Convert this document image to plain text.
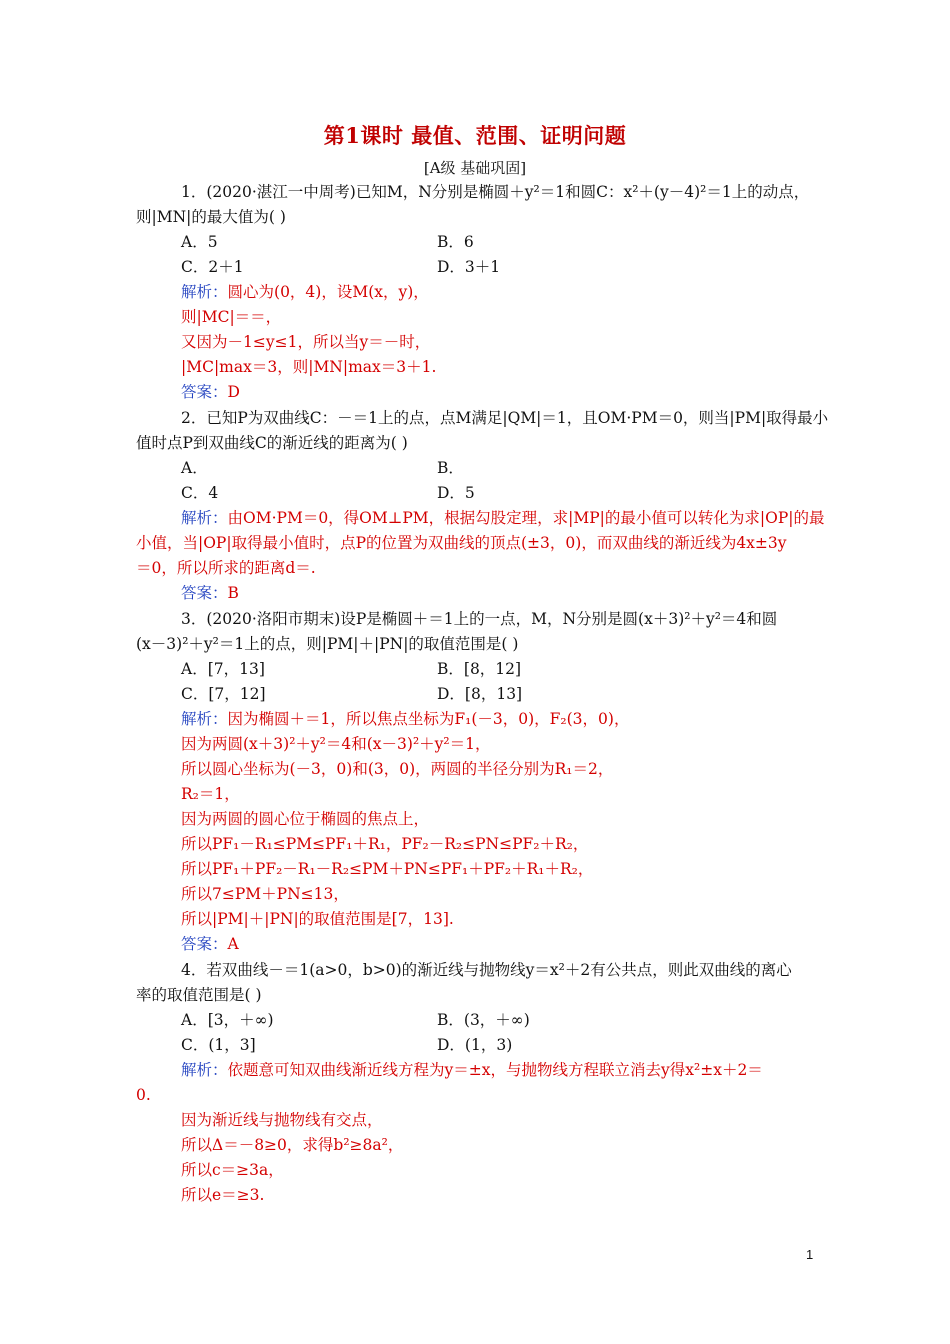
第1课时 最值、范围、证明问题
[A级 基础巩固]
1．(2020·湛江一中周考)已知M，N分别是椭圆＋y²＝1和圆C：x²＋(y－4)²＝1上的动点，
则|MN|的最大值为( )
A．5	B．6
C．2＋1	D．3＋1
解析：圆心为(0，4)，设M(x，y)，
则|MC|＝＝，
又因为－1≤y≤1，所以当y＝－时，
|MC|max＝3，则|MN|max＝3＋1.
答案：D
2．已知P为双曲线C：－＝1上的点，点M满足|QM|＝1，且OM·PM＝0，则当|PM|取得最小
值时点P到双曲线C的渐近线的距离为( )
A．	B．
C．4	D．5
解析：由OM·PM＝0，得OM⊥PM，根据勾股定理，求|MP|的最小值可以转化为求|OP|的最
小值，当|OP|取得最小值时，点P的位置为双曲线的顶点(±3，0)，而双曲线的渐近线为4x±3y
＝0，所以所求的距离d＝.
答案：B
3．(2020·洛阳市期末)设P是椭圆＋＝1上的一点，M，N分别是圆(x＋3)²＋y²＝4和圆
(x－3)²＋y²＝1上的点，则|PM|＋|PN|的取值范围是( )
A．[7，13]	B．[8，12]
C．[7，12]	D．[8，13]
解析：因为椭圆＋＝1，所以焦点坐标为F₁(－3，0)，F₂(3，0)，
因为两圆(x＋3)²＋y²＝4和(x－3)²＋y²＝1，
所以圆心坐标为(－3，0)和(3，0)，两圆的半径分别为R₁＝2，
R₂＝1，
因为两圆的圆心位于椭圆的焦点上，
所以PF₁－R₁≤PM≤PF₁＋R₁，PF₂－R₂≤PN≤PF₂＋R₂，
所以PF₁＋PF₂－R₁－R₂≤PM＋PN≤PF₁＋PF₂＋R₁＋R₂，
所以7≤PM＋PN≤13，
所以|PM|＋|PN|的取值范围是[7，13].
答案：A
4．若双曲线－＝1(a>0，b>0)的渐近线与抛物线y＝x²＋2有公共点，则此双曲线的离心
率的取值范围是( )
A．[3，＋∞)	B．(3，＋∞)
C．(1，3]	D．(1，3)
解析：依题意可知双曲线渐近线方程为y＝±x，与抛物线方程联立消去y得x²±x＋2＝
0.
因为渐近线与抛物线有交点，
所以Δ＝－8≥0，求得b²≥8a²，
所以c＝≥3a，
所以e＝≥3.
1
